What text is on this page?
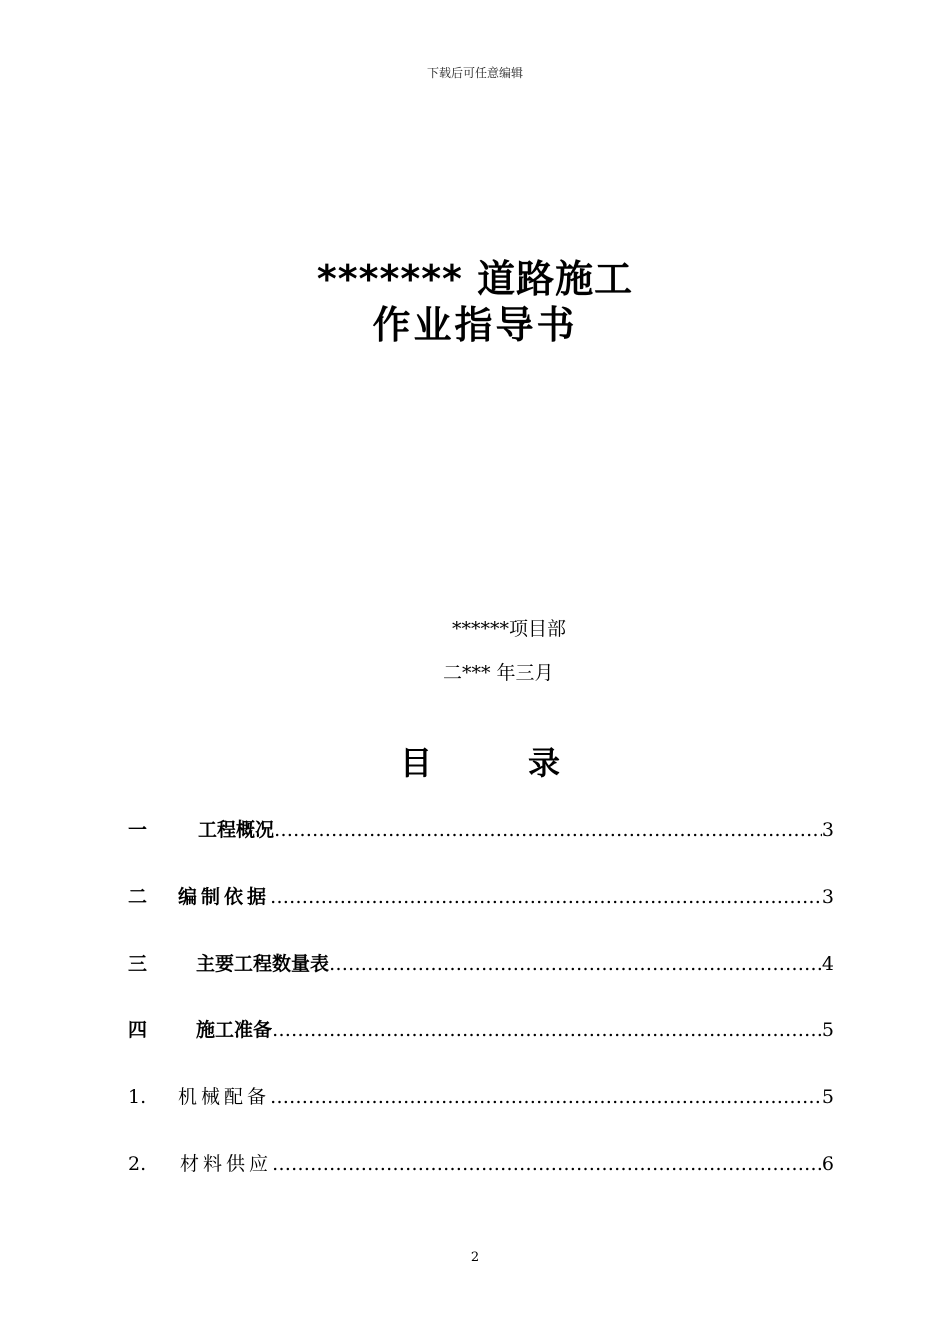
下载后可任意编辑
******* 道路施工
作业指导书
******项目部
二*** 年三月
目	录
一	工程概况 ……………………………………………………………………………………………………………………………………………………	3
二	编制依据 ……………………………………………………………………………………………………………………………………………………	3
三	主要工程数量表 ……………………………………………………………………………………………………………………………………………………	4
四	施工准备 ……………………………………………………………………………………………………………………………………………………	5
1.	机械配备 ……………………………………………………………………………………………………………………………………………………	5
2.	材料供应 ……………………………………………………………………………………………………………………………………………………	6
2
